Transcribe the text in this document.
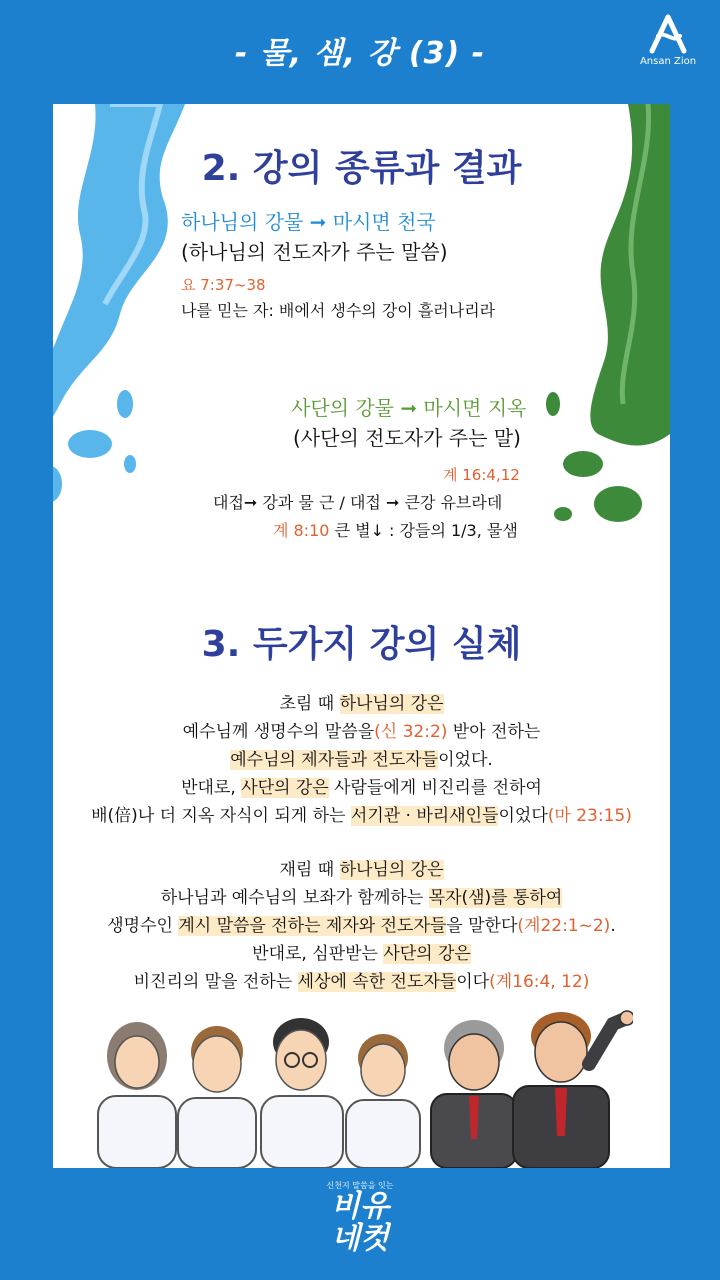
- 물, 샘, 강 (3) -	Ansan Zion
2. 강의 종류과 결과
하나님의 강물 ➞ 마시면 천국
(하나님의 전도자가 주는 말씀)
요 7:37~38
나를 믿는 자: 배에서 생수의 강이 흘러나리라
사단의 강물 ➞ 마시면 지옥
(사단의 전도자가 주는 말)
계 16:4,12
대접➞ 강과 물 근 / 대접 ➞ 큰강 유브라데
계 8:10 큰 별↓ : 강들의 1/3, 물샘
3. 두가지 강의 실체
초림 때 하나님의 강은
예수님께 생명수의 말씀을(신 32:2) 받아 전하는
예수님의 제자들과 전도자들이었다.
반대로, 사단의 강은 사람들에게 비진리를 전하여
배(倍)나 더 지옥 자식이 되게 하는 서기관 · 바리새인들이었다(마 23:15)
재림 때 하나님의 강은
하나님과 예수님의 보좌가 함께하는 목자(샘)를 통하여
생명수인 계시 말씀을 전하는 제자와 전도자들을 말한다(계22:1~2).
반대로, 심판받는 사단의 강은
비진리의 말을 전하는 세상에 속한 전도자들이다(계16:4, 12)
신천지 말씀을 잇는
비유
네컷
